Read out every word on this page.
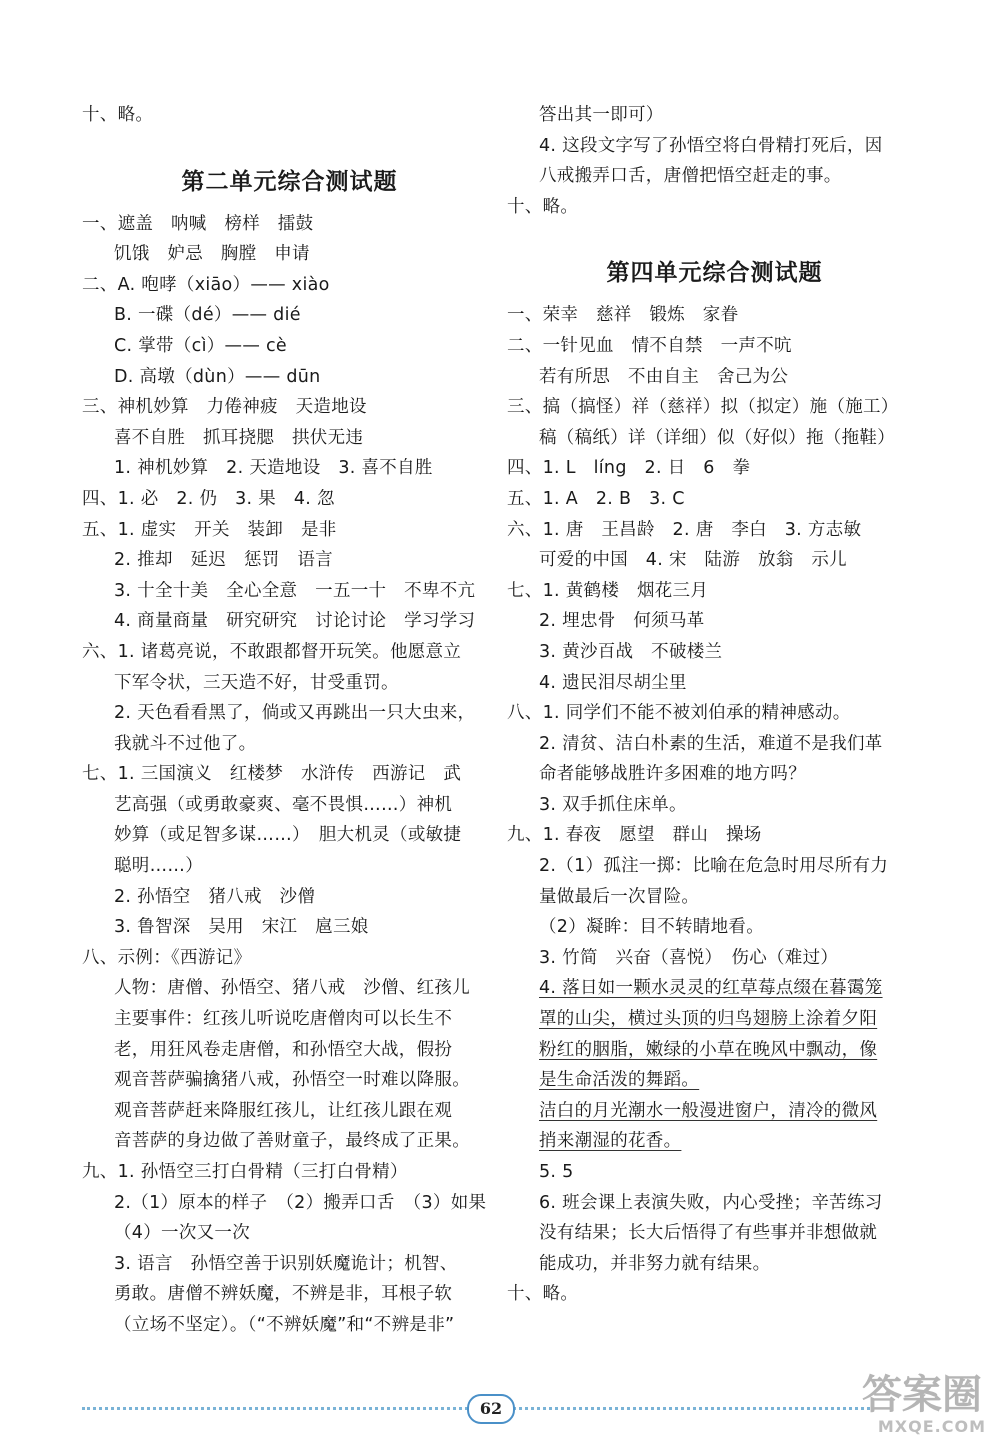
十、略。
第二单元综合测试题
一、遮盖　呐喊　榜样　擂鼓
饥饿　妒忌　胸膛　申请
二、A. 咆哮（xiāo）—— xiào
B. 一碟（dé）—— dié
C. 掌带（cì）—— cè
D. 高墩（dùn）—— dūn
三、神机妙算　力倦神疲　天造地设
喜不自胜　抓耳挠腮　拱伏无违
1. 神机妙算　2. 天造地设　3. 喜不自胜
四、1. 必　2. 仍　3. 果　4. 忽
五、1. 虚实　开关　装卸　是非
2. 推却　延迟　惩罚　语言
3. 十全十美　全心全意　一五一十　不卑不亢
4. 商量商量　研究研究　讨论讨论　学习学习
六、1. 诸葛亮说，不敢跟都督开玩笑。他愿意立
下军令状，三天造不好，甘受重罚。
2. 天色看看黑了，倘或又再跳出一只大虫来，
我就斗不过他了。
七、1. 三国演义　红楼梦　水浒传　西游记　武
艺高强（或勇敢豪爽、毫不畏惧……）神机
妙算（或足智多谋……）　胆大机灵（或敏捷
聪明……）
2. 孙悟空　猪八戒　沙僧
3. 鲁智深　吴用　宋江　扈三娘
八、示例：《西游记》
人物：唐僧、孙悟空、猪八戒　沙僧、红孩儿
主要事件：红孩儿听说吃唐僧肉可以长生不
老，用狂风卷走唐僧，和孙悟空大战，假扮
观音菩萨骗擒猪八戒，孙悟空一时难以降服。
观音菩萨赶来降服红孩儿，让红孩儿跟在观
音菩萨的身边做了善财童子，最终成了正果。
九、1. 孙悟空三打白骨精（三打白骨精）
2.（1）原本的样子　（2）搬弄口舌　（3）如果
（4）一次又一次
3. 语言　孙悟空善于识别妖魔诡计；机智、
勇敢。唐僧不辨妖魔，不辨是非，耳根子软
（立场不坚定）。（“不辨妖魔”和“不辨是非”
答出其一即可）
4. 这段文字写了孙悟空将白骨精打死后，因
八戒搬弄口舌，唐僧把悟空赶走的事。
十、略。
第四单元综合测试题
一、荣幸　慈祥　锻炼　家眷
二、一针见血　情不自禁　一声不吭
若有所思　不由自主　舍己为公
三、搞（搞怪）祥（慈祥）拟（拟定）施（施工）
稿（稿纸）详（详细）似（好似）拖（拖鞋）
四、1. L　líng　2. 日　6　拳
五、1. A　2. B　3. C
六、1. 唐　王昌龄　2. 唐　李白　3. 方志敏
可爱的中国　4. 宋　陆游　放翁　示儿
七、1. 黄鹤楼　烟花三月
2. 埋忠骨　何须马革
3. 黄沙百战　不破楼兰
4. 遗民泪尽胡尘里
八、1. 同学们不能不被刘伯承的精神感动。
2. 清贫、洁白朴素的生活，难道不是我们革
命者能够战胜许多困难的地方吗？
3. 双手抓住床单。
九、1. 春夜　愿望　群山　操场
2.（1）孤注一掷：比喻在危急时用尽所有力
量做最后一次冒险。
（2）凝眸：目不转睛地看。
3. 竹简　兴奋（喜悦）　伤心（难过）
4. 落日如一颗水灵灵的红草莓点缀在暮霭笼
罩的山尖，横过头顶的归鸟翅膀上涂着夕阳
粉红的胭脂，嫩绿的小草在晚风中飘动，像
是生命活泼的舞蹈。
洁白的月光潮水一般漫进窗户，清冷的微风
捎来潮湿的花香。
5. 5
6. 班会课上表演失败，内心受挫；辛苦练习
没有结果；长大后悟得了有些事并非想做就
能成功，并非努力就有结果。
十、略。
62	答案圈
MXQE.COM
